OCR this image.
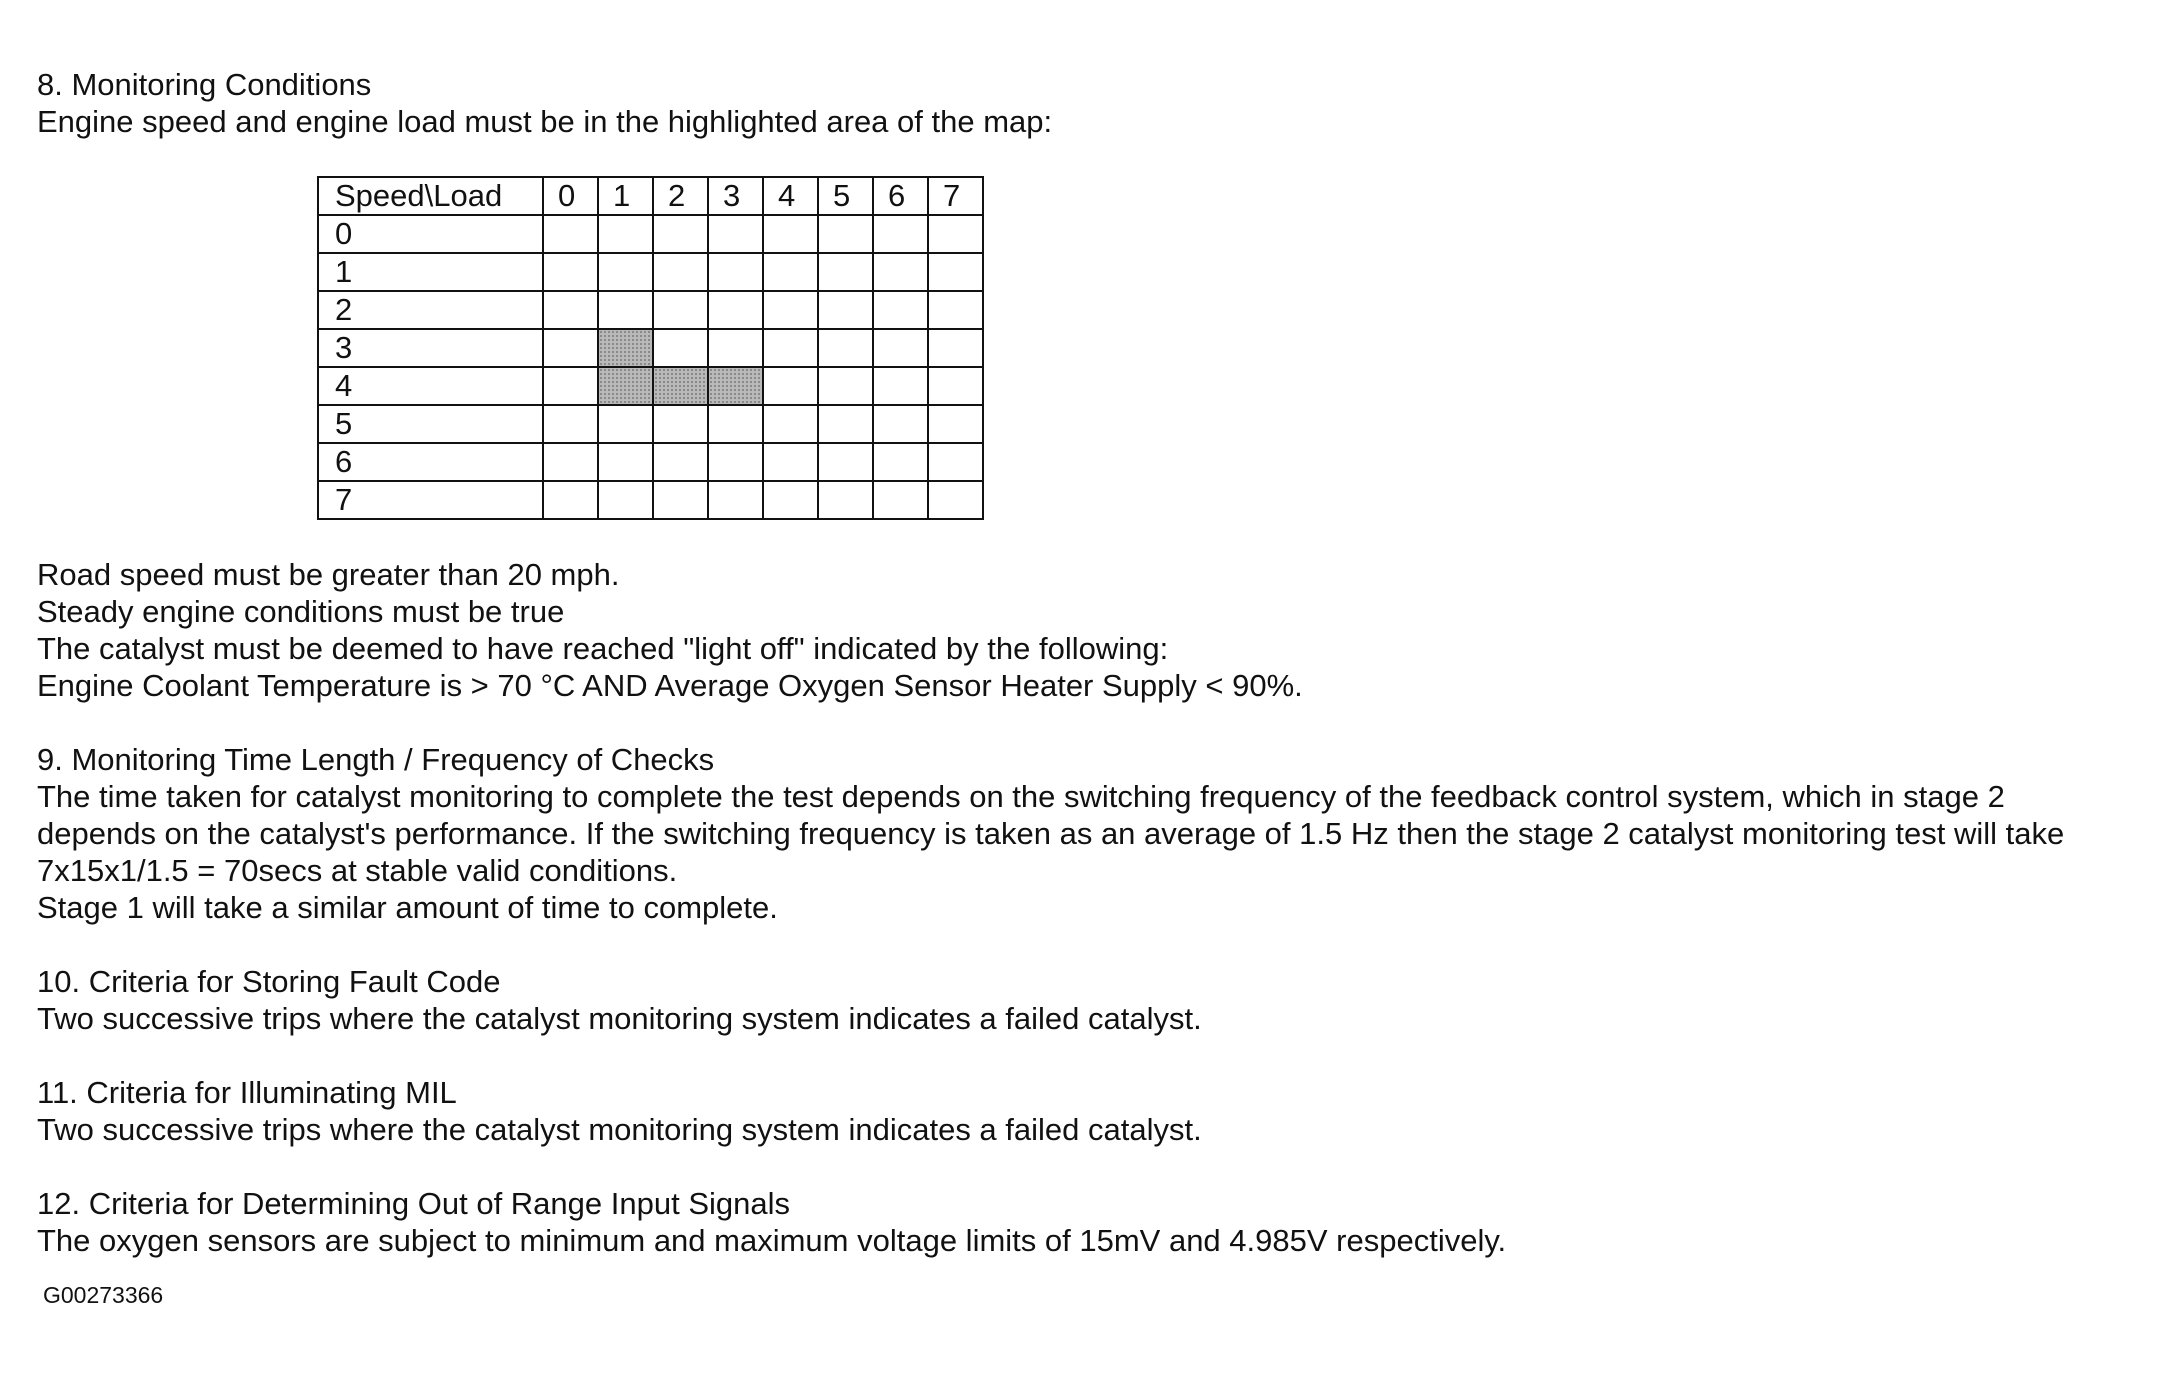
8. Monitoring Conditions

Engine speed and engine load must be in the highlighted area of the map:

Speed\Load	0	1	2	3	4	5	6	7
0								
1								
2								
3								
4								
5								
6								
7								

Road speed must be greater than 20 mph.

Steady engine conditions must be true

The catalyst must be deemed to have reached "light off" indicated by the following:

Engine Coolant Temperature is > 70 °C AND Average Oxygen Sensor Heater Supply < 90%.

9. Monitoring Time Length / Frequency of Checks

The time taken for catalyst monitoring to complete the test depends on the switching frequency of the feedback control system, which in stage 2

depends on the catalyst's performance. If the switching frequency is taken as an average of 1.5 Hz then the stage 2 catalyst monitoring test will take

7x15x1/1.5 = 70secs at stable valid conditions.

Stage 1 will take a similar amount of time to complete.

10. Criteria for Storing Fault Code

Two successive trips where the catalyst monitoring system indicates a failed catalyst.

11. Criteria for Illuminating MIL

Two successive trips where the catalyst monitoring system indicates a failed catalyst.

12. Criteria for Determining Out of Range Input Signals

The oxygen sensors are subject to minimum and maximum voltage limits of 15mV and 4.985V respectively.

G00273366
